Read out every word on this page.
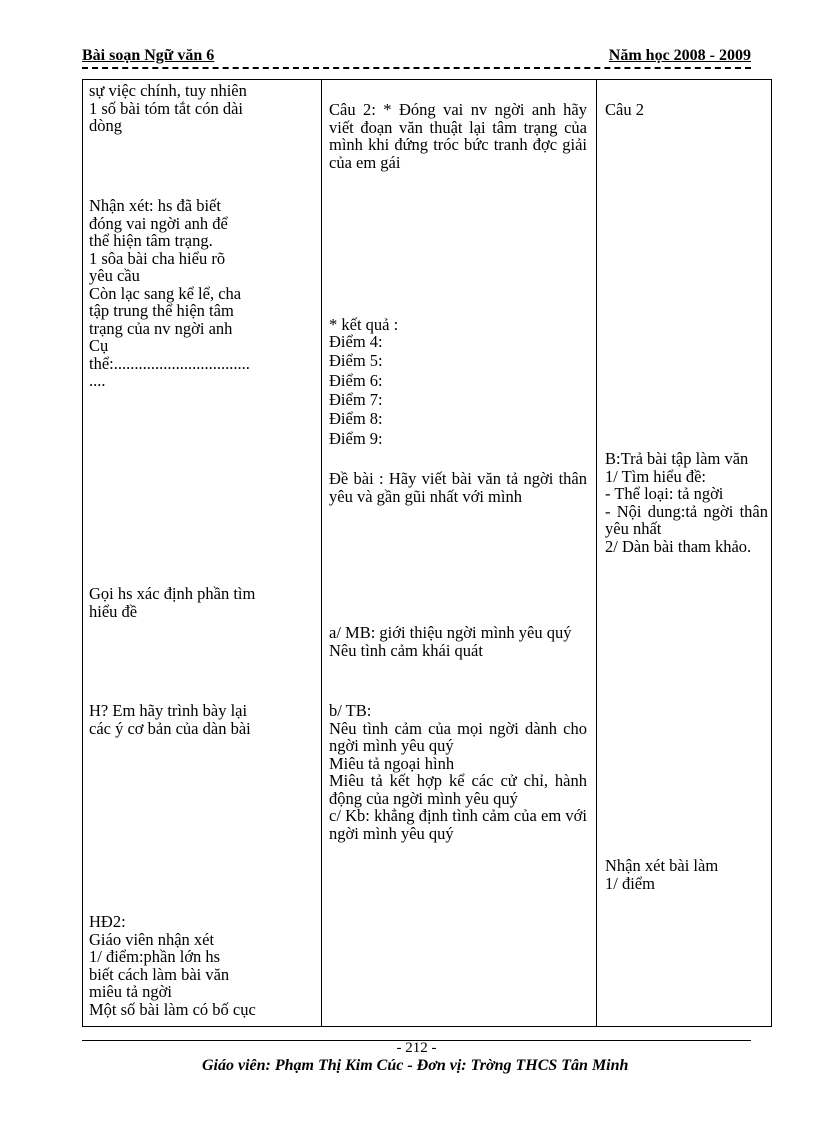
Bài soạn Ngữ văn 6	Năm học 2008 - 2009

sự việc chính, tuy nhiên
1 số bài tóm tắt cón dài
dòng

Nhận xét: hs đã biết
đóng vai ngời anh để
thể hiện tâm trạng.
1 sôa bài cha hiểu rõ
yêu cầu
Còn lạc sang kể lể, cha
tập trung thể hiện tâm
trạng của nv ngời anh
Cụ
thể:.................................
....

Gọi hs xác định phần tìm
hiểu đề

H? Em hãy trình bày lại
các ý cơ bản của dàn bài

HĐ2:
Giáo viên nhận xét
1/ điểm:phần lớn hs
biết cách làm bài văn
miêu tả ngời
Một số bài làm có bố cục

Câu 2: * Đóng vai nv ngời anh hãy viết đoạn văn thuật lại tâm trạng của mình khi đứng tróc bức tranh đợc giải của em gái

* kết quả :

Điểm 4:

Điểm 5:

Điểm 6:

Điểm 7:

Điểm 8:

Điểm 9:

Đề bài : Hãy viết bài văn tả ngời thân yêu và gần gũi nhất với mình

a/ MB: giới thiệu ngời mình yêu quý
Nêu tình cảm khái quát

b/ TB:
Nêu tình cảm của mọi ngời dành cho ngời mình yêu quý
Miêu tả ngoại hình
Miêu tả kết hợp kể các cử chỉ, hành động của ngời mình yêu quý
c/ Kb: khẳng định tình cảm của em với ngời mình yêu quý

Câu 2

B:Trả bài tập làm văn
1/ Tìm hiểu đề:
- Thể loại: tả ngời
- Nội dung:tả ngời thân yêu nhất
2/ Dàn bài tham khảo.

Nhận xét bài làm
1/ điểm

- 212 -
Giáo viên: Phạm Thị Kim Cúc - Đơn vị: Trờng THCS Tân Minh
